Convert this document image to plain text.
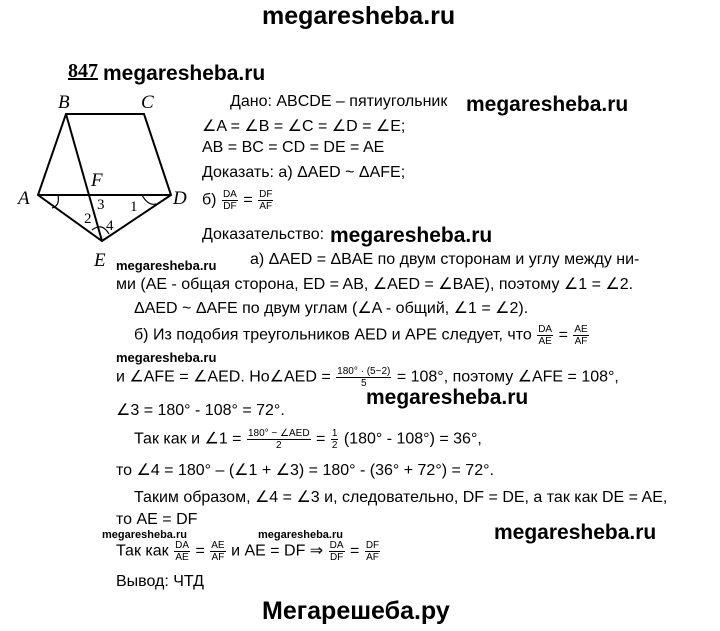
megaresheba.ru
847 megaresheba.ru
megaresheba.ru
B	C
A	D
E
F
3
2 4
1
Дано: ABCDE – пятиугольник
∠A = ∠B = ∠C = ∠D = ∠E;
AB = BC = CD = DE = AE
Доказать: а) ΔAED ~ ΔAFE;
$б) \frac{DA}{DF} = \frac{DF}{AF}$
Доказательство: megaresheba.ru
megaresheba.ru а) ΔAED = ΔBAE по двум сторонам и углу между ни-
ми (AE - общая сторона, ED = AB, ∠AED = ∠BAE), поэтому ∠1 = ∠2.
ΔAED ~ ΔAFE по двум углам (∠A - общий, ∠1 = ∠2).
б) Из подобия треугольников AED и APE следует, что $\frac{DA}{AE} = \frac{AE}{AF}$
megaresheba.ru
и ∠AFE = ∠AED. Но∠AED = $\frac{180^\circ \cdot (5-2)}{5} = 108^\circ$, поэтому ∠AFE = 108°,
∠3 = 180° - 108° = 72°.
megaresheba.ru
Так как и ∠1 = $\frac{\text{180° − ∠AED}}{2} = \frac{1}{2} (180^\circ - 108^\circ) = 36^\circ$,
то ∠4 = 180° – (∠1 + ∠3) = 180° - (36° + 72°) = 72°.
Таким образом, ∠4 = ∠3 и, следовательно, DF = DE, а так как DE = AE,
то AE = DF
megaresheba.ru
megaresheba.ru	megaresheba.ru
Так как $\frac{DA}{AE} = \frac{AE}{AF}$ и AE = DF ⇒ $\frac{DA}{DF} = \frac{DF}{AF}$
Вывод: ЧТД
Мегарешеба.ру
